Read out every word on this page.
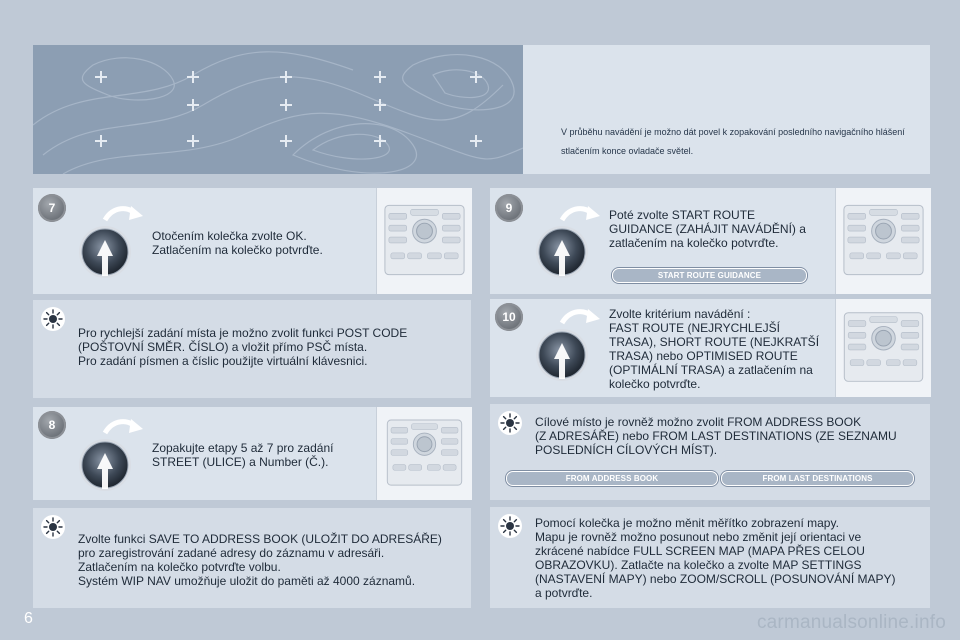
V průběhu navádění je možno dát povel k zopakování posledního navigačního hlášení stlačením konce ovladače světel.

7

Otočením kolečka zvolte OK.
Zatlačením na kolečko potvrďte.

Pro rychlejší zadání místa je možno zvolit funkci POST CODE
(POŠTOVNÍ SMĚR. ČÍSLO) a vložit přímo PSČ místa.
Pro zadání písmen a číslic použijte virtuální klávesnici.

8

Zopakujte etapy 5 až 7 pro zadání
STREET (ULICE) a Number (Č.).

Zvolte funkci SAVE TO ADDRESS BOOK (ULOŽIT DO ADRESÁŘE)
pro zaregistrování zadané adresy do záznamu v adresáři.
Zatlačením na kolečko potvrďte volbu.
Systém WIP NAV umožňuje uložit do paměti až 4000 záznamů.

9	Poté zvolte START ROUTE
GUIDANCE (ZAHÁJIT NAVÁDĚNÍ) a
zatlačením na kolečko potvrďte.

START ROUTE GUIDANCE
10	Zvolte kritérium navádění :
FAST ROUTE (NEJRYCHLEJŠÍ
TRASA), SHORT ROUTE (NEJKRATŠÍ
TRASA) nebo OPTIMISED ROUTE
(OPTIMÁLNÍ TRASA) a zatlačením na
kolečko potvrďte.

Cílové místo je rovněž možno zvolit FROM ADDRESS BOOK
(Z ADRESÁŘE) nebo FROM LAST DESTINATIONS (ZE SEZNAMU
POSLEDNÍCH CÍLOVÝCH MÍST).

FROM ADDRESS BOOK	FROM LAST DESTINATIONS

Pomocí kolečka je možno měnit měřítko zobrazení mapy.
Mapu je rovněž možno posunout nebo změnit její orientaci ve
zkrácené nabídce FULL SCREEN MAP (MAPA PŘES CELOU
OBRAZOVKU). Zatlačte na kolečko a zvolte MAP SETTINGS
(NASTAVENÍ MAPY) nebo ZOOM/SCROLL (POSUNOVÁNÍ MAPY)
a potvrďte.

6	carmanualsonline.info
